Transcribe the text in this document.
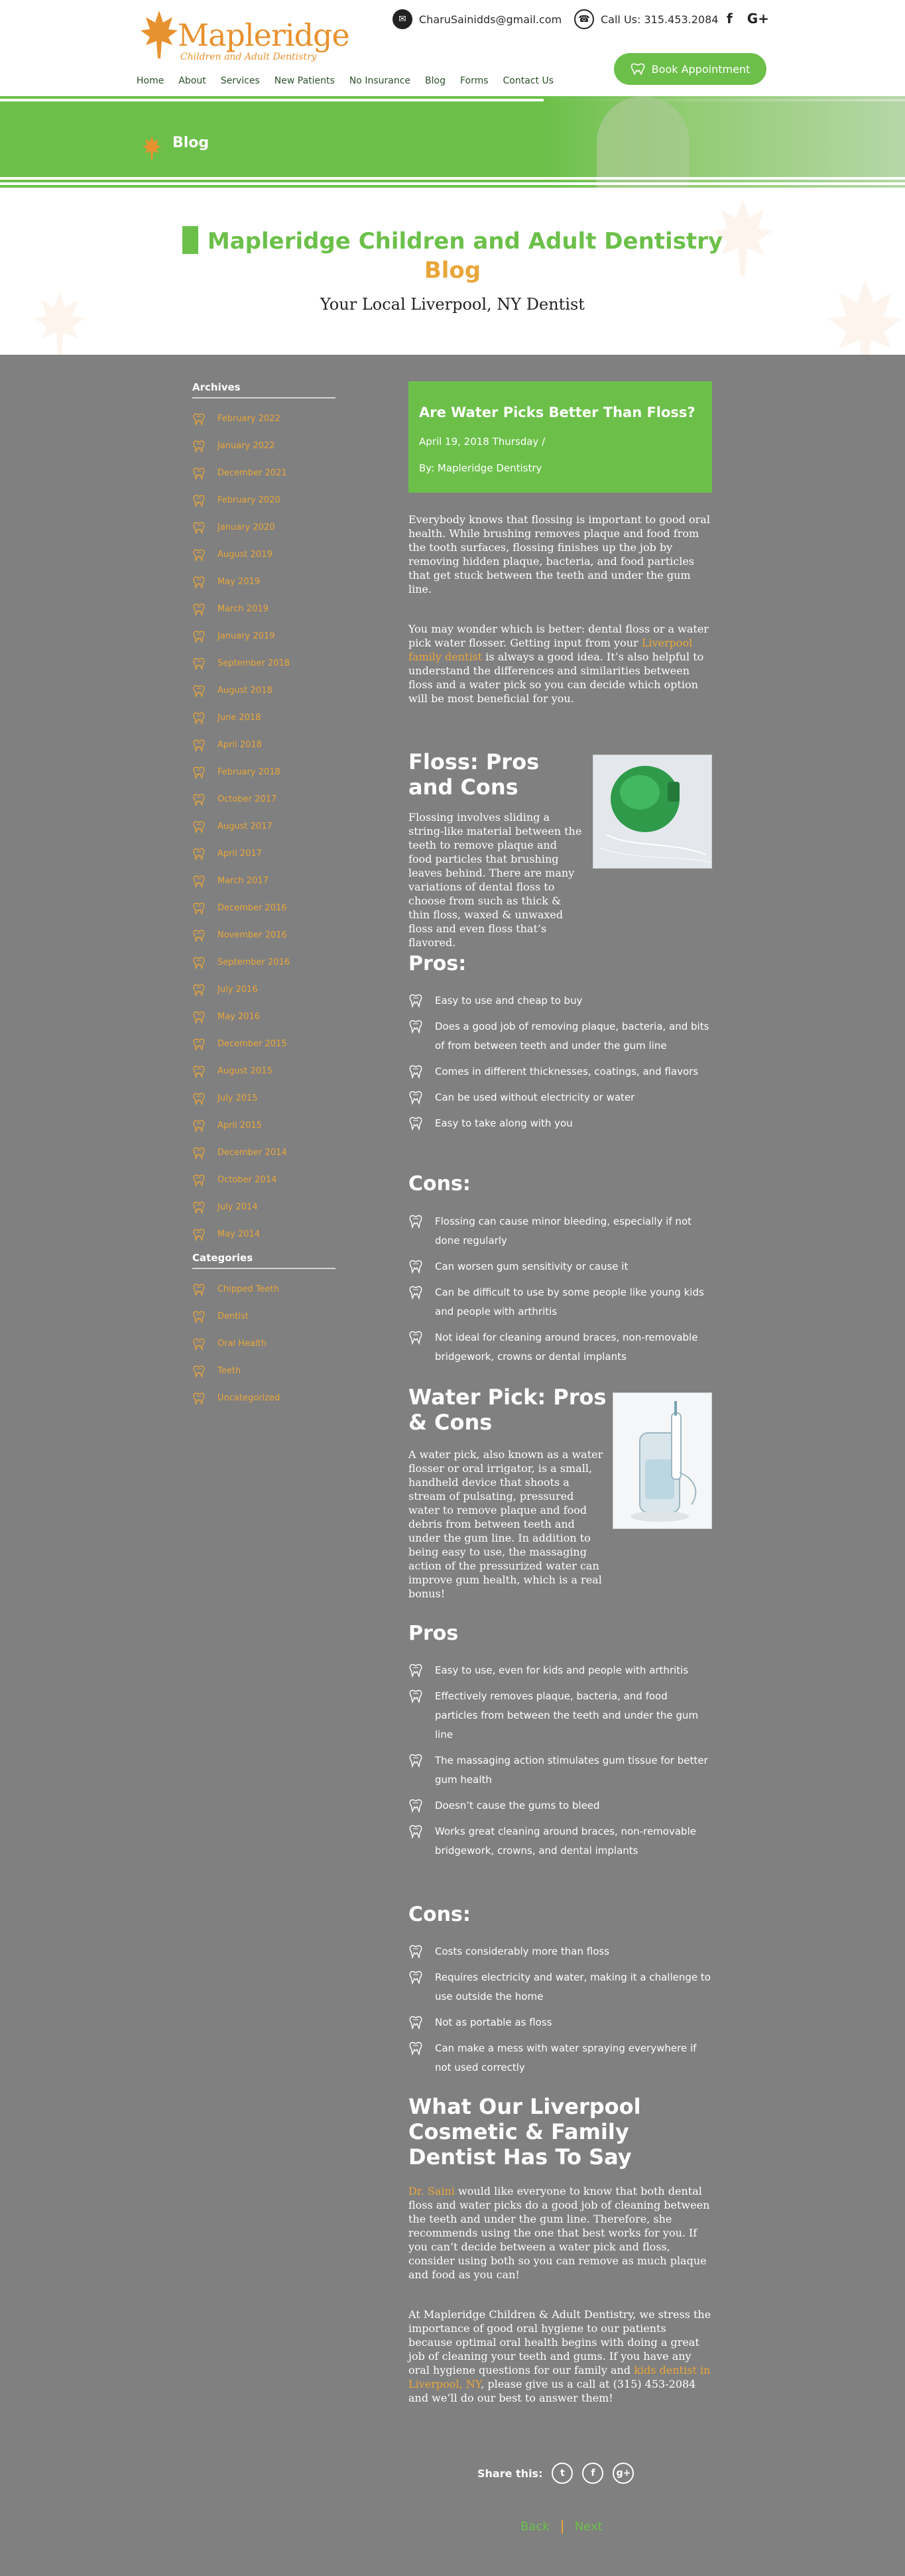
Mapleridge
Children and Adult Dentistry
✉	CharuSainidds@gmail.com	☎	Call Us: 315.453.2084 f G+
Home About Services New Patients No Insurance Blog Forms Contact Us
Book Appointment
Blog
Mapleridge Children and Adult Dentistry
Blog
Your Local Liverpool, NY Dentist
Archives
February 2022
January 2022
December 2021
February 2020
January 2020
August 2019
May 2019
March 2019
January 2019
September 2018
August 2018
June 2018
April 2018
February 2018
October 2017
August 2017
April 2017
March 2017
December 2016
November 2016
September 2016
July 2016
May 2016
December 2015
August 2015
July 2015
April 2015
December 2014
October 2014
July 2014
May 2014
Categories
Chipped Teeth
Dentist
Oral Health
Teeth
Uncategorized
Are Water Picks Better Than Floss?
April 19, 2018 Thursday /
By: Mapleridge Dentistry
Everybody knows that flossing is important to good oral health. While brushing removes plaque and food from the tooth surfaces, flossing finishes up the job by removing hidden plaque, bacteria, and food particles that get stuck between the teeth and under the gum line.
You may wonder which is better: dental floss or a water pick water flosser. Getting input from your Liverpool family dentist is always a good idea. It’s also helpful to understand the differences and similarities between floss and a water pick so you can decide which option will be most beneficial for you.
Floss: Pros
and Cons
Flossing involves sliding a string-like material between the teeth to remove plaque and food particles that brushing leaves behind. There are many variations of dental floss to choose from such as thick & thin floss, waxed & unwaxed floss and even floss that’s flavored.
Pros:
Easy to use and cheap to buy
Does a good job of removing plaque, bacteria, and bits of from between teeth and under the gum line
Comes in different thicknesses, coatings, and flavors
Can be used without electricity or water
Easy to take along with you
Cons:
Flossing can cause minor bleeding, especially if not done regularly
Can worsen gum sensitivity or cause it
Can be difficult to use by some people like young kids and people with arthritis
Not ideal for cleaning around braces, non-removable bridgework, crowns or dental implants
Water Pick: Pros
& Cons
A water pick, also known as a water flosser or oral irrigator, is a small, handheld device that shoots a stream of pulsating, pressured water to remove plaque and food debris from between teeth and under the gum line. In addition to being easy to use, the massaging action of the pressurized water can improve gum health, which is a real bonus!
Pros
Easy to use, even for kids and people with arthritis
Effectively removes plaque, bacteria, and food particles from between the teeth and under the gum line
The massaging action stimulates gum tissue for better gum health
Doesn’t cause the gums to bleed
Works great cleaning around braces, non-removable bridgework, crowns, and dental implants
Cons:
Costs considerably more than floss
Requires electricity and water, making it a challenge to use outside the home
Not as portable as floss
Can make a mess with water spraying everywhere if not used correctly
What Our Liverpool Cosmetic & Family Dentist Has To Say
Dr. Saini would like everyone to know that both dental floss and water picks do a good job of cleaning between the teeth and under the gum line. Therefore, she recommends using the one that best works for you. If you can’t decide between a water pick and floss, consider using both so you can remove as much plaque and food as you can!
At Mapleridge Children & Adult Dentistry, we stress the importance of good oral hygiene to our patients because optimal oral health begins with doing a great job of cleaning your teeth and gums. If you have any oral hygiene questions for our family and kids dentist in Liverpool, NY, please give us a call at (315) 453-2084 and we’ll do our best to answer them!
Share this:	t	f	g+
Back Next
